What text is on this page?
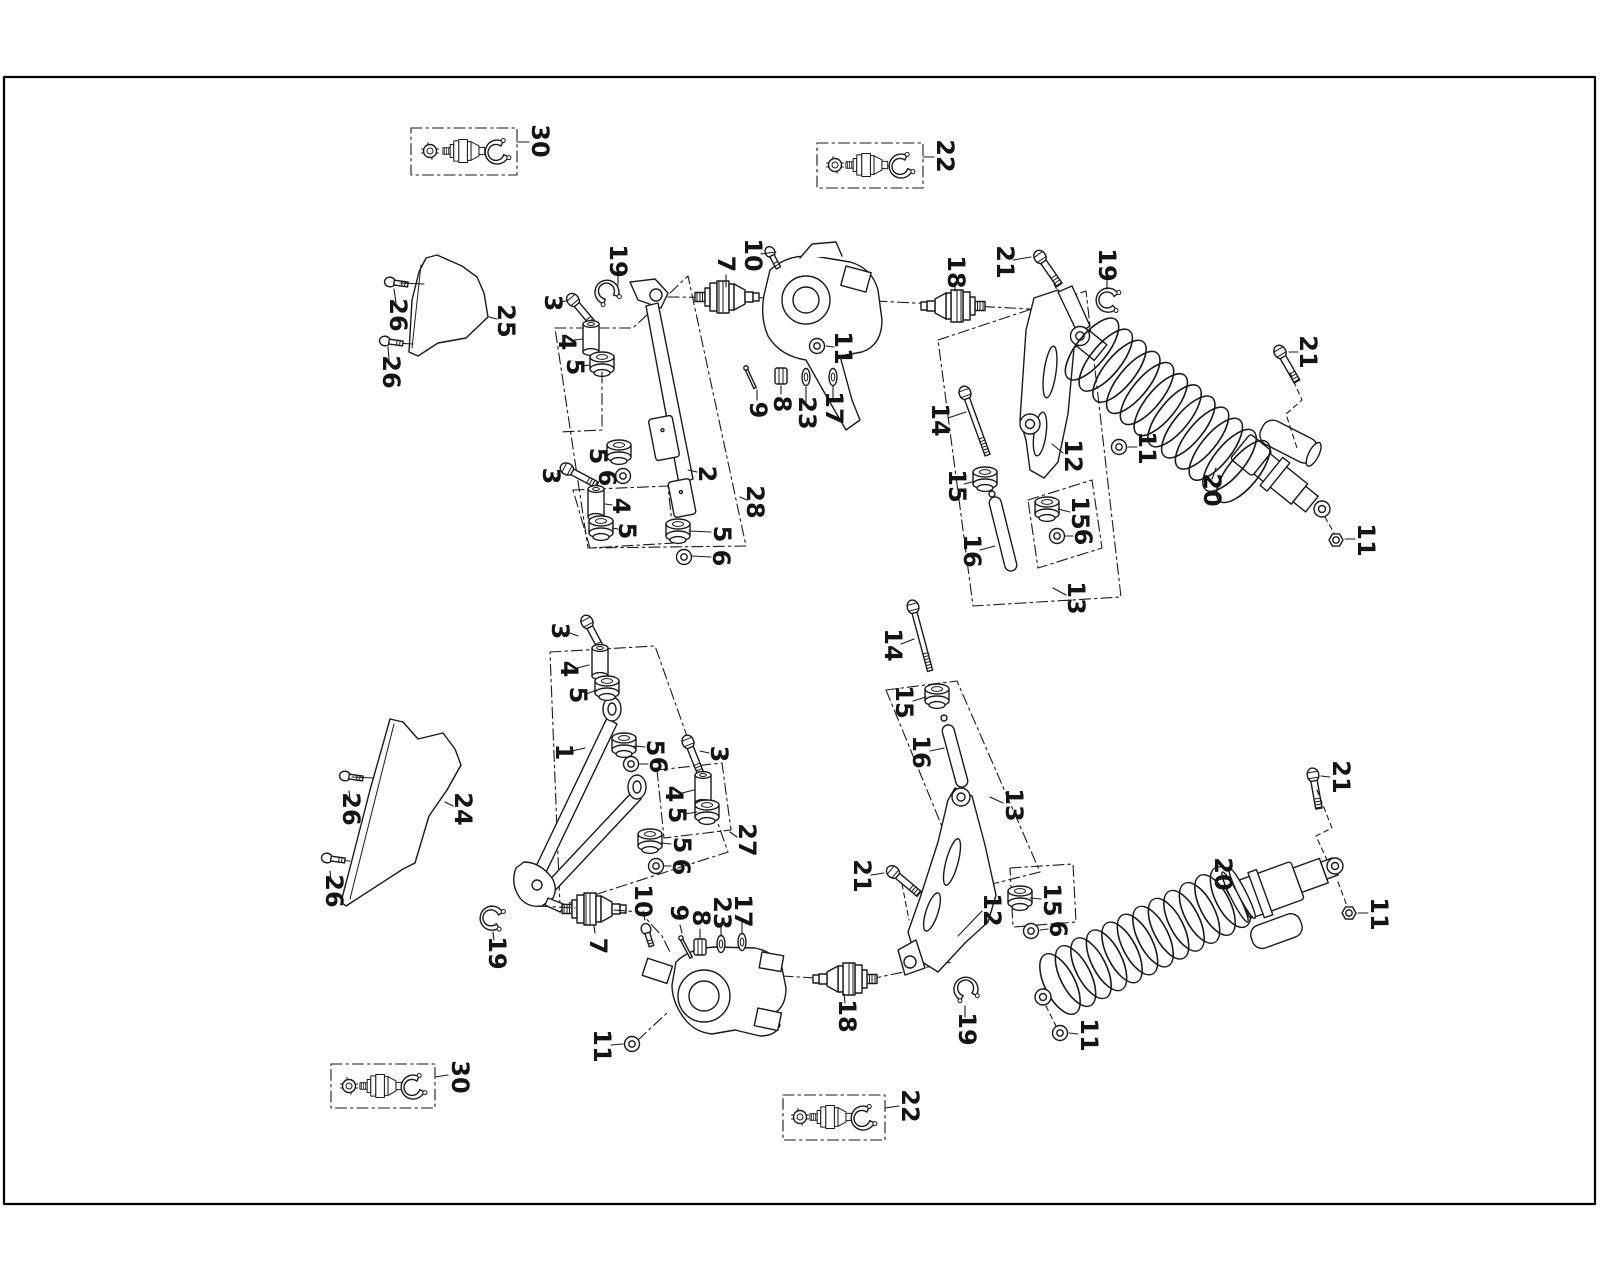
30	22
26
26
25
19
3
4
5
5
6
3
4
5
2
5
6
28
7 10
11
9
8
23 17
18 21	19
14
15
16
12
15
6
13
11
21
20
11
3
4
5
1	5
6
3
4
5
5
6
27
26
26
24
19	7
10 9
8
23
17
18
11
21
14
15
16
13
12 15
6
19
20
21
11
11
30
22
